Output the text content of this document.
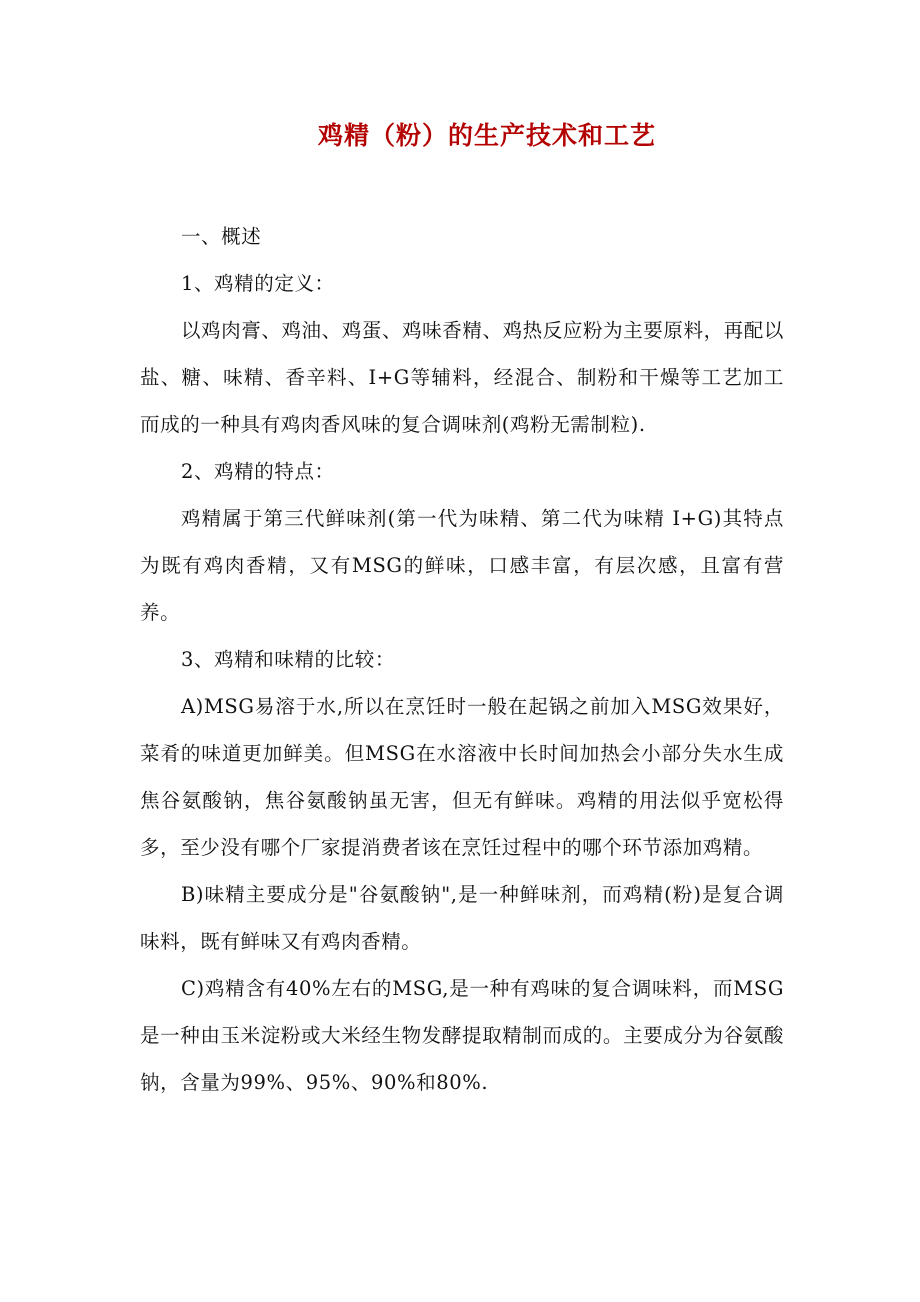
鸡精（粉）的生产技术和工艺

一、概述

1、鸡精的定义：

以鸡肉膏、鸡油、鸡蛋、鸡味香精、鸡热反应粉为主要原料，再配以盐、糖、味精、香辛料、I+G等辅料，经混合、制粉和干燥等工艺加工而成的一种具有鸡肉香风味的复合调味剂(鸡粉无需制粒).

2、鸡精的特点：

鸡精属于第三代鲜味剂(第一代为味精、第二代为味精 I+G)其特点为既有鸡肉香精，又有MSG的鲜味，口感丰富，有层次感，且富有营养。

3、鸡精和味精的比较：

A)MSG易溶于水,所以在烹饪时一般在起锅之前加入MSG效果好，菜肴的味道更加鲜美。但MSG在水溶液中长时间加热会小部分失水生成焦谷氨酸钠，焦谷氨酸钠虽无害，但无有鲜味。鸡精的用法似乎宽松得多，至少没有哪个厂家提消费者该在烹饪过程中的哪个环节添加鸡精。

B)味精主要成分是"谷氨酸钠",是一种鲜味剂，而鸡精(粉)是复合调味料，既有鲜味又有鸡肉香精。

C)鸡精含有40%左右的MSG,是一种有鸡味的复合调味料，而MSG是一种由玉米淀粉或大米经生物发酵提取精制而成的。主要成分为谷氨酸钠，含量为99%、95%、90%和80%.
